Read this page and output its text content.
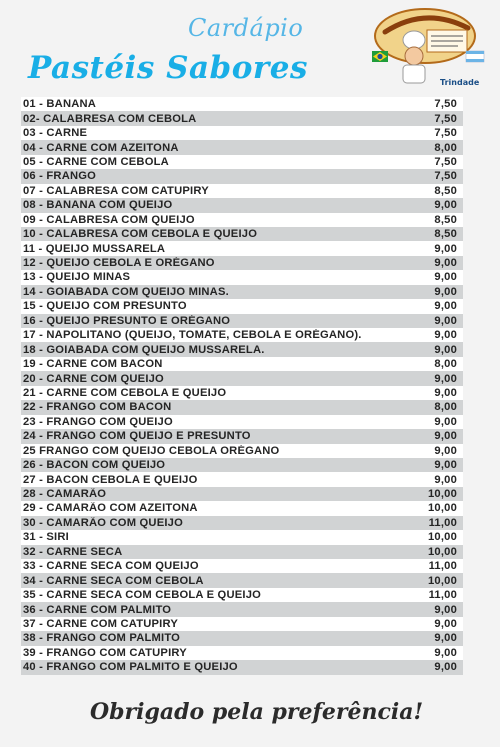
Cardápio
Pastéis Sabores	Trindade
01 - BANANA	7,50
02- CALABRESA COM CEBOLA	7,50
03 - CARNE	7,50
04 - CARNE COM AZEITONA	8,00
05 - CARNE COM CEBOLA	7,50
06 - FRANGO	7,50
07 - CALABRESA COM CATUPIRY	8,50
08 - BANANA COM QUEIJO	9,00
09 - CALABRESA COM QUEIJO	8,50
10 - CALABRESA COM CEBOLA E QUEIJO	8,50
11 - QUEIJO MUSSARELA	9,00
12 - QUEIJO CEBOLA E ORÉGANO	9,00
13 - QUEIJO MINAS	9,00
14 - GOIABADA COM QUEIJO MINAS.	9,00
15 - QUEIJO COM PRESUNTO	9,00
16 - QUEIJO PRESUNTO E ORÉGANO	9,00
17 - NAPOLITANO (QUEIJO, TOMATE, CEBOLA E ORÉGANO).	9,00
18 - GOIABADA COM QUEIJO MUSSARELA.	9,00
19 - CARNE COM BACON	8,00
20 - CARNE COM QUEIJO	9,00
21 - CARNE COM CEBOLA E QUEIJO	9,00
22 - FRANGO COM BACON	8,00
23 - FRANGO COM QUEIJO	9,00
24 - FRANGO COM QUEIJO E PRESUNTO	9,00
25 FRANGO COM QUEIJO CEBOLA ORÉGANO	9,00
26 - BACON COM QUEIJO	9,00
27 - BACON CEBOLA E QUEIJO	9,00
28 - CAMARÃO	10,00
29 - CAMARÃO COM AZEITONA	10,00
30 - CAMARÃO COM QUEIJO	11,00
31 - SIRI	10,00
32 - CARNE SECA	10,00
33 - CARNE SECA COM QUEIJO	11,00
34 - CARNE SECA COM CEBOLA	10,00
35 - CARNE SECA COM CEBOLA E QUEIJO	11,00
36 - CARNE COM PALMITO	9,00
37 - CARNE COM CATUPIRY	9,00
38 - FRANGO COM PALMITO	9,00
39 - FRANGO COM CATUPIRY	9,00
40 - FRANGO COM PALMITO E QUEIJO	9,00
Obrigado pela preferência!
